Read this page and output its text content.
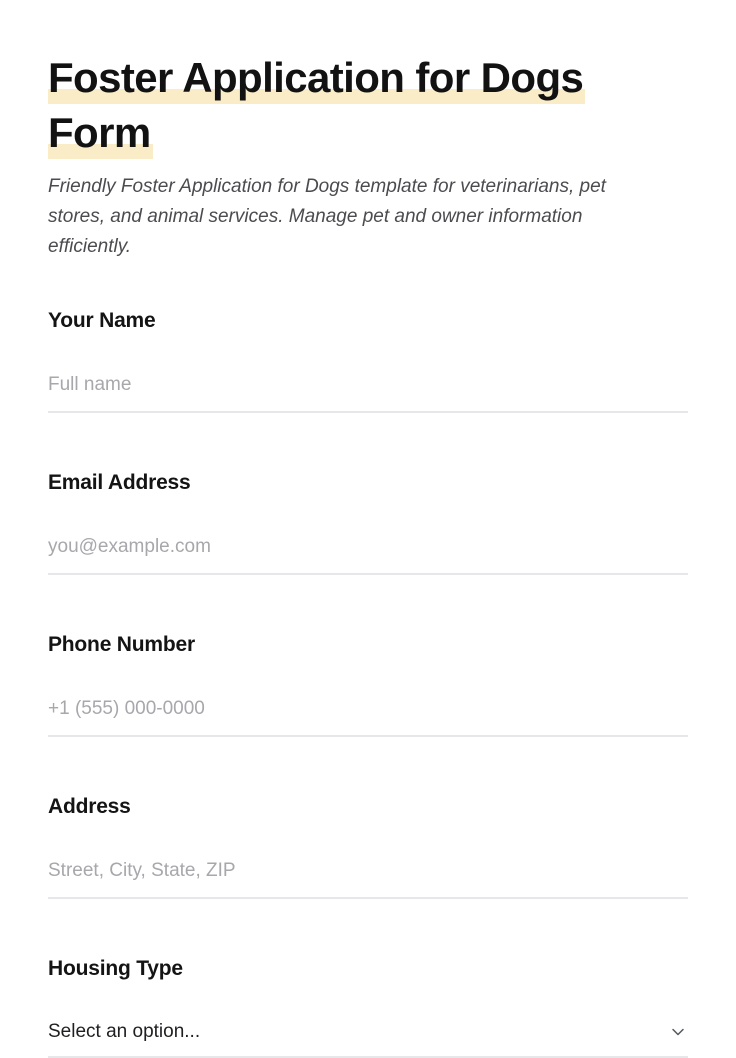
Foster Application for Dogs
Form

Friendly Foster Application for Dogs template for veterinarians, pet stores, and animal services. Manage pet and owner information efficiently.

Your Name
Full name
Email Address
you@example.com
Phone Number
+1 (555) 000-0000
Address
Street, City, State, ZIP
Housing Type
Select an option...
